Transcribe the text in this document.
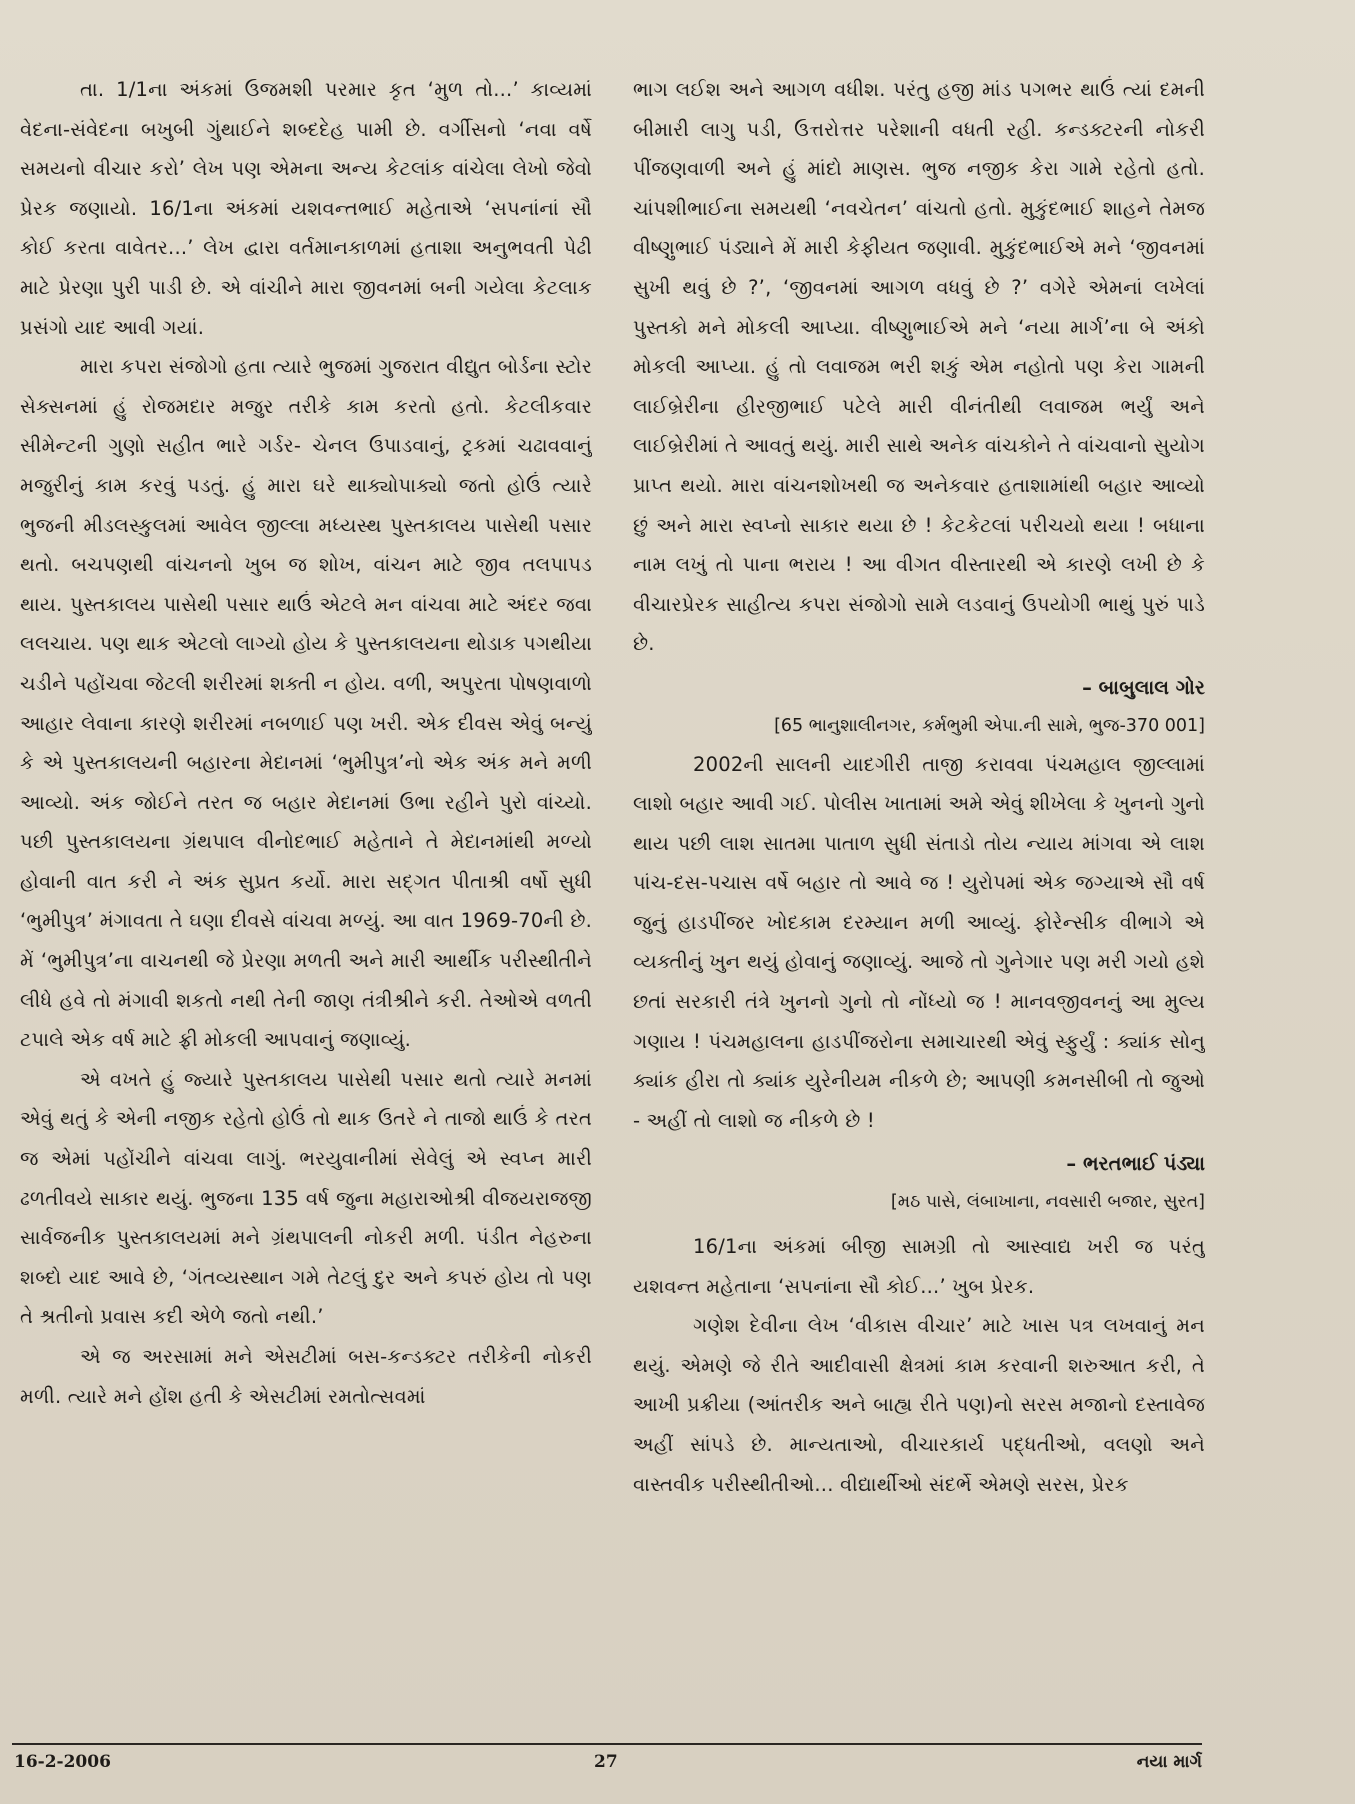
તા. 1/1ના અંકમાં ઉજમશી પરમાર કૃત ‘મુળ તો...’ કાવ્યમાં વેદના-સંવેદના બખુબી ગુંથાઈને શબ્દદેહ પામી છે. વર્ગીસનો ‘નવા વર્ષે સમયનો વીચાર કરો’ લેખ પણ એમના અન્ય કેટલાંક વાંચેલા લેખો જેવો પ્રેરક જણાયો. 16/1ના અંકમાં યશવન્તભાઈ મહેતાએ ‘સપનાંનાં સૌ કોઈ કરતા વાવેતર...’ લેખ દ્વારા વર્તમાનકાળમાં હતાશા અનુભવતી પેઢી માટે પ્રેરણા પુરી પાડી છે. એ વાંચીને મારા જીવનમાં બની ગયેલા કેટલાક પ્રસંગો યાદ આવી ગયાં.

મારા કપરા સંજોગો હતા ત્યારે ભુજમાં ગુજરાત વીદ્યુત બોર્ડના સ્ટોર સેક્સનમાં હું રોજમદાર મજુર તરીકે કામ કરતો હતો. કેટલીકવાર સીમેન્ટની ગુણો સહીત ભારે ગર્ડર- ચેનલ ઉપાડવાનું, ટ્રકમાં ચઢાવવાનું મજુરીનું કામ કરવું પડતું. હું મારા ઘરે થાક્યોપાક્યો જતો હોઉં ત્યારે ભુજની મીડલસ્કુલમાં આવેલ જીલ્લા મધ્યસ્થ પુસ્તકાલય પાસેથી પસાર થતો. બચપણથી વાંચનનો ખુબ જ શોખ, વાંચન માટે જીવ તલપાપડ થાય. પુસ્તકાલય પાસેથી પસાર થાઉં એટલે મન વાંચવા માટે અંદર જવા લલચાય. પણ થાક એટલો લાગ્યો હોય કે પુસ્તકાલયના થોડાક પગથીયા ચડીને પહોંચવા જેટલી શરીરમાં શક્તી ન હોય. વળી, અપુરતા પોષણવાળો આહાર લેવાના કારણે શરીરમાં નબળાઈ પણ ખરી. એક દીવસ એવું બન્યું કે એ પુસ્તકાલયની બહારના મેદાનમાં ‘ભુમીપુત્ર’નો એક અંક મને મળી આવ્યો. અંક જોઈને તરત જ બહાર મેદાનમાં ઉભા રહીને પુરો વાંચ્યો. પછી પુસ્તકાલયના ગ્રંથપાલ વીનોદભાઈ મહેતાને તે મેદાનમાંથી મળ્યો હોવાની વાત કરી ને અંક સુપ્રત કર્યો. મારા સદ્ગત પીતાશ્રી વર્ષો સુધી ‘ભુમીપુત્ર’ મંગાવતા તે ઘણા દીવસે વાંચવા મળ્યું. આ વાત 1969-70ની છે. મેં ‘ભુમીપુત્ર’ના વાચનથી જે પ્રેરણા મળતી અને મારી આર્થીક પરીસ્થીતીને લીધે હવે તો મંગાવી શકતો નથી તેની જાણ તંત્રીશ્રીને કરી. તેઓએ વળતી ટપાલે એક વર્ષ માટે ફ્રી મોકલી આપવાનું જણાવ્યું.

એ વખતે હું જ્યારે પુસ્તકાલય પાસેથી પસાર થતો ત્યારે મનમાં એવું થતું કે એની નજીક રહેતો હોઉં તો થાક ઉતરે ને તાજો થાઉં કે તરત જ એમાં પહોંચીને વાંચવા લાગું. ભરયુવાનીમાં સેવેલું એ સ્વપ્ન મારી ઢળતીવયે સાકાર થયું. ભુજના 135 વર્ષ જુના મહારાઓશ્રી વીજયરાજજી સાર્વજનીક પુસ્તકાલયમાં મને ગ્રંથપાલની નોકરી મળી. પંડીત નેહરુના શબ્દો યાદ આવે છે, ‘ગંતવ્યસ્થાન ગમે તેટલું દુર અને કપરું હોય તો પણ તે શ્રતીનો પ્રવાસ કદી એળે જતો નથી.’

એ જ અરસામાં મને એસટીમાં બસ-કન્ડક્ટર તરીકેની નોકરી મળી. ત્યારે મને હોંશ હતી કે એસટીમાં રમતોત્સવમાં

ભાગ લઈશ અને આગળ વધીશ. પરંતુ હજી માંડ પગભર થાઉં ત્યાં દમની બીમારી લાગુ પડી, ઉત્તરોત્તર પરેશાની વધતી રહી. કન્ડક્ટરની નોકરી પીંજણવાળી અને હું માંદો માણસ. ભુજ નજીક કેરા ગામે રહેતો હતો. ચાંપશીભાઈના સમયથી ‘નવચેતન’ વાંચતો હતો. મુકુંદભાઈ શાહને તેમજ વીષ્ણુભાઈ પંડ્યાને મેં મારી કેફીયત જણાવી. મુકુંદભાઈએ મને ‘જીવનમાં સુખી થવું છે ?’, ‘જીવનમાં આગળ વધવું છે ?’ વગેરે એમનાં લખેલાં પુસ્તકો મને મોકલી આપ્યા. વીષ્ણુભાઈએ મને ‘નયા માર્ગ’ના બે અંકો મોકલી આપ્યા. હું તો લવાજમ ભરી શકું એમ નહોતો પણ કેરા ગામની લાઈબ્રેરીના હીરજીભાઈ પટેલે મારી વીનંતીથી લવાજમ ભર્યું અને લાઈબ્રેરીમાં તે આવતું થયું. મારી સાથે અનેક વાંચકોને તે વાંચવાનો સુયોગ પ્રાપ્ત થયો. મારા વાંચનશોખથી જ અનેકવાર હતાશામાંથી બહાર આવ્યો છું અને મારા સ્વપ્નો સાકાર થયા છે ! કેટકેટલાં પરીચયો થયા ! બધાના નામ લખું તો પાના ભરાય ! આ વીગત વીસ્તારથી એ કારણે લખી છે કે વીચારપ્રેરક સાહીત્ય કપરા સંજોગો સામે લડવાનું ઉપયોગી ભાથું પુરું પાડે છે.

– બાબુલાલ ગોર

[65 ભાનુશાલીનગર, કર્મભુમી એપા.ની સામે, ભુજ-370 001]

2002ની સાલની યાદગીરી તાજી કરાવવા પંચમહાલ જીલ્લામાં લાશો બહાર આવી ગઈ. પોલીસ ખાતામાં અમે એવું શીખેલા કે ખુનનો ગુનો થાય પછી લાશ સાતમા પાતાળ સુધી સંતાડો તોય ન્યાય માંગવા એ લાશ પાંચ-દસ-પચાસ વર્ષે બહાર તો આવે જ ! યુરોપમાં એક જગ્યાએ સૌ વર્ષ જુનું હાડપીંજર ખોદકામ દરમ્યાન મળી આવ્યું. ફોરેન્સીક વીભાગે એ વ્યક્તીનું ખુન થયું હોવાનું જણાવ્યું. આજે તો ગુનેગાર પણ મરી ગયો હશે છતાં સરકારી તંત્રે ખુનનો ગુનો તો નોંધ્યો જ ! માનવજીવનનું આ મુલ્ય ગણાય ! પંચમહાલના હાડપીંજરોના સમાચારથી એવું સ્ફુર્યું : ક્યાંક સોનુ ક્યાંક હીરા તો ક્યાંક યુરેનીયમ નીકળે છે; આપણી કમનસીબી તો જુઓ - અહીં તો લાશો જ નીકળે છે !

– ભરતભાઈ પંડ્યા

[મઠ પાસે, લંબાખાના, નવસારી બજાર, સુરત]

16/1ના અંકમાં બીજી સામગ્રી તો આસ્વાદ્ય ખરી જ પરંતુ યશવન્ત મહેતાના ‘સપનાંના સૌ કોઈ...’ ખુબ પ્રેરક.

ગણેશ દેવીના લેખ ‘વીકાસ વીચાર’ માટે ખાસ પત્ર લખવાનું મન થયું. એમણે જે રીતે આદીવાસી ક્ષેત્રમાં કામ કરવાની શરુઆત કરી, તે આખી પ્રક્રીયા (આંતરીક અને બાહ્ય રીતે પણ)નો સરસ મજાનો દસ્તાવેજ અહીં સાંપડે છે. માન્યતાઓ, વીચારકાર્ય પદ્ધતીઓ, વલણો અને વાસ્તવીક પરીસ્થીતીઓ... વીદ્યાર્થીઓ સંદર્ભે એમણે સરસ, પ્રેરક

16-2-2006	27	નયા માર્ગ
